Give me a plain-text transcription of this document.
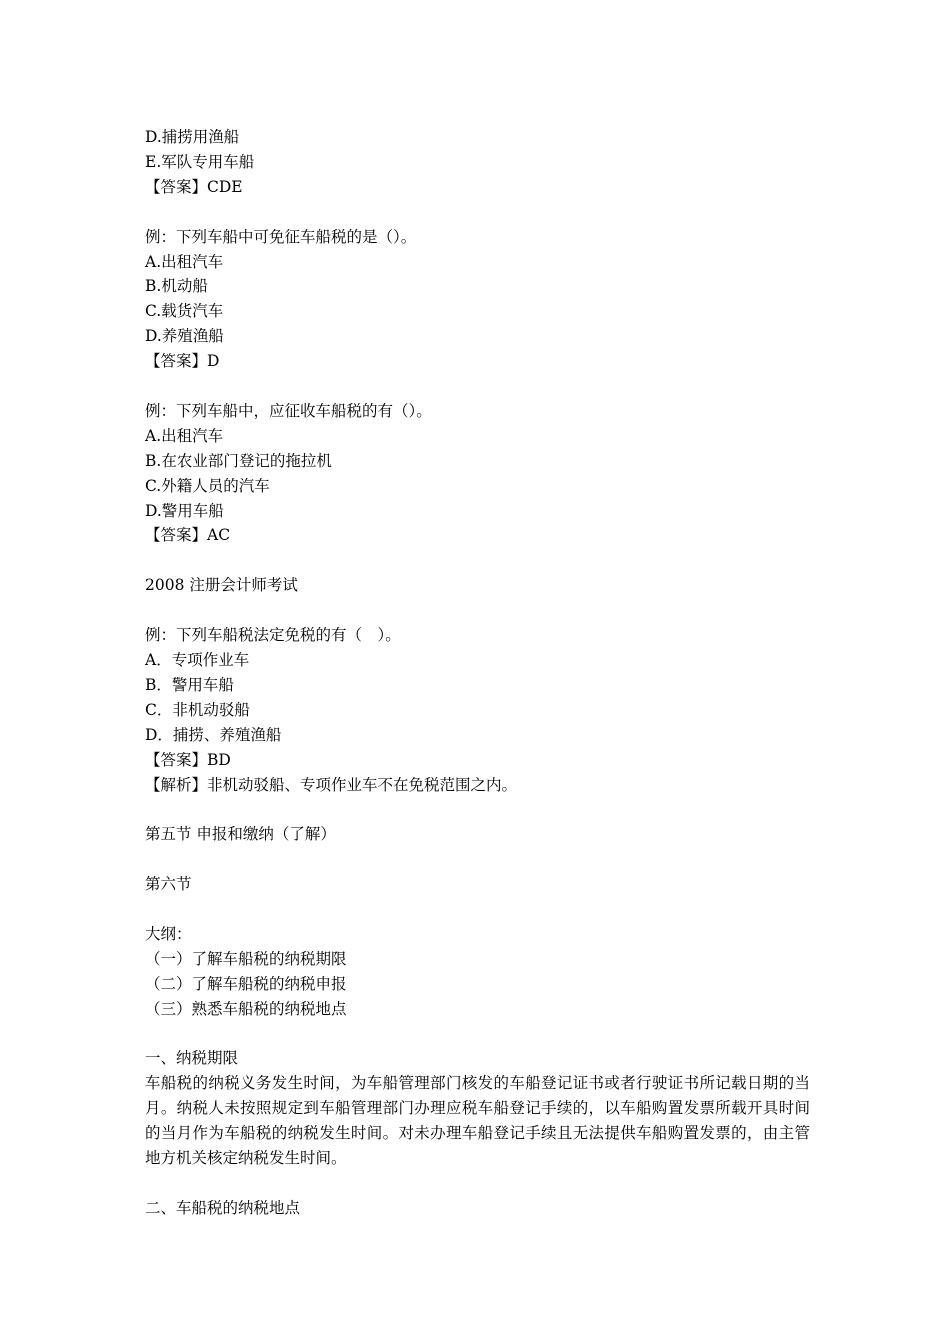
D.捕捞用渔船
E.军队专用车船
【答案】CDE
例：下列车船中可免征车船税的是（）。
A.出租汽车
B.机动船
C.载货汽车
D.养殖渔船
【答案】D
例：下列车船中，应征收车船税的有（）。
A.出租汽车
B.在农业部门登记的拖拉机
C.外籍人员的汽车
D.警用车船
【答案】AC
2008 注册会计师考试
例：下列车船税法定免税的有（　）。
A．专项作业车
B．警用车船
C．非机动驳船
D．捕捞、养殖渔船
【答案】BD
【解析】非机动驳船、专项作业车不在免税范围之内。
第五节 申报和缴纳（了解）
第六节
大纲：
（一）了解车船税的纳税期限
（二）了解车船税的纳税申报
（三）熟悉车船税的纳税地点
一、纳税期限
车船税的纳税义务发生时间，为车船管理部门核发的车船登记证书或者行驶证书所记载日期的当月。纳税人未按照规定到车船管理部门办理应税车船登记手续的，以车船购置发票所载开具时间的当月作为车船税的纳税发生时间。对未办理车船登记手续且无法提供车船购置发票的，由主管地方机关核定纳税发生时间。
二、车船税的纳税地点
